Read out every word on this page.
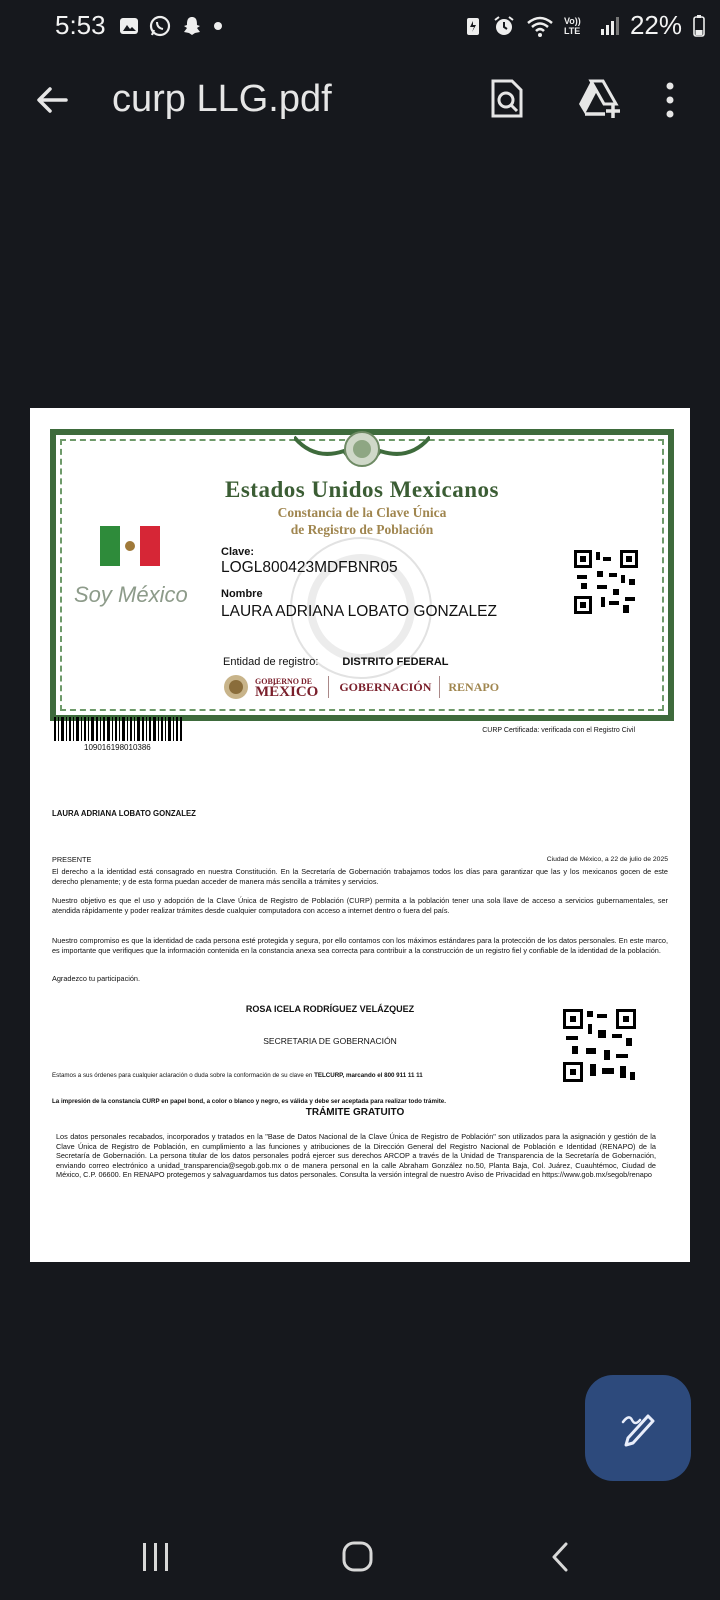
5:53	Vo)) LTE	22%
curp LLG.pdf
Estados Unidos Mexicanos
Constancia de la Clave Única
de Registro de Población
Soy México
Clave:
LOGL800423MDFBNR05
Nombre
LAURA ADRIANA LOBATO GONZALEZ
Entidad de registro: DISTRITO FEDERAL
GOBIERNO DE
MÉXICO GOBERNACIÓN RENAPO
109016198010386
CURP Certificada: verificada con el Registro Civil
LAURA ADRIANA LOBATO GONZALEZ
PRESENTE	Ciudad de México, a 22 de julio de 2025
El derecho a la identidad está consagrado en nuestra Constitución. En la Secretaría de Gobernación trabajamos todos los días para garantizar que las y los mexicanos gocen de este derecho plenamente; y de esta forma puedan acceder de manera más sencilla a trámites y servicios.
Nuestro objetivo es que el uso y adopción de la Clave Única de Registro de Población (CURP) permita a la población tener una sola llave de acceso a servicios gubernamentales, ser atendida rápidamente y poder realizar trámites desde cualquier computadora con acceso a internet dentro o fuera del país.
Nuestro compromiso es que la identidad de cada persona esté protegida y segura, por ello contamos con los máximos estándares para la protección de los datos personales. En este marco, es importante que verifiques que la información contenida en la constancia anexa sea correcta para contribuir a la construcción de un registro fiel y confiable de la identidad de la población.
Agradezco tu participación.
ROSA ICELA RODRÍGUEZ VELÁZQUEZ
SECRETARIA DE GOBERNACIÓN
Estamos a sus órdenes para cualquier aclaración o duda sobre la conformación de su clave en TELCURP, marcando el 800 911 11 11
La impresión de la constancia CURP en papel bond, a color o blanco y negro, es válida y debe ser aceptada para realizar todo trámite.
TRÁMITE GRATUITO
Los datos personales recabados, incorporados y tratados en la "Base de Datos Nacional de la Clave Única de Registro de Población" son utilizados para la asignación y gestión de la Clave Única de Registro de Población, en cumplimiento a las funciones y atribuciones de la Dirección General del Registro Nacional de Población e Identidad (RENAPO) de la Secretaría de Gobernación. La persona titular de los datos personales podrá ejercer sus derechos ARCOP a través de la Unidad de Transparencia de la Secretaría de Gobernación, enviando correo electrónico a unidad_transparencia@segob.gob.mx o de manera personal en la calle Abraham González no.50, Planta Baja, Col. Juárez, Cuauhtémoc, Ciudad de México, C.P. 06600. En RENAPO protegemos y salvaguardamos tus datos personales. Consulta la versión integral de nuestro Aviso de Privacidad en https://www.gob.mx/segob/renapo
